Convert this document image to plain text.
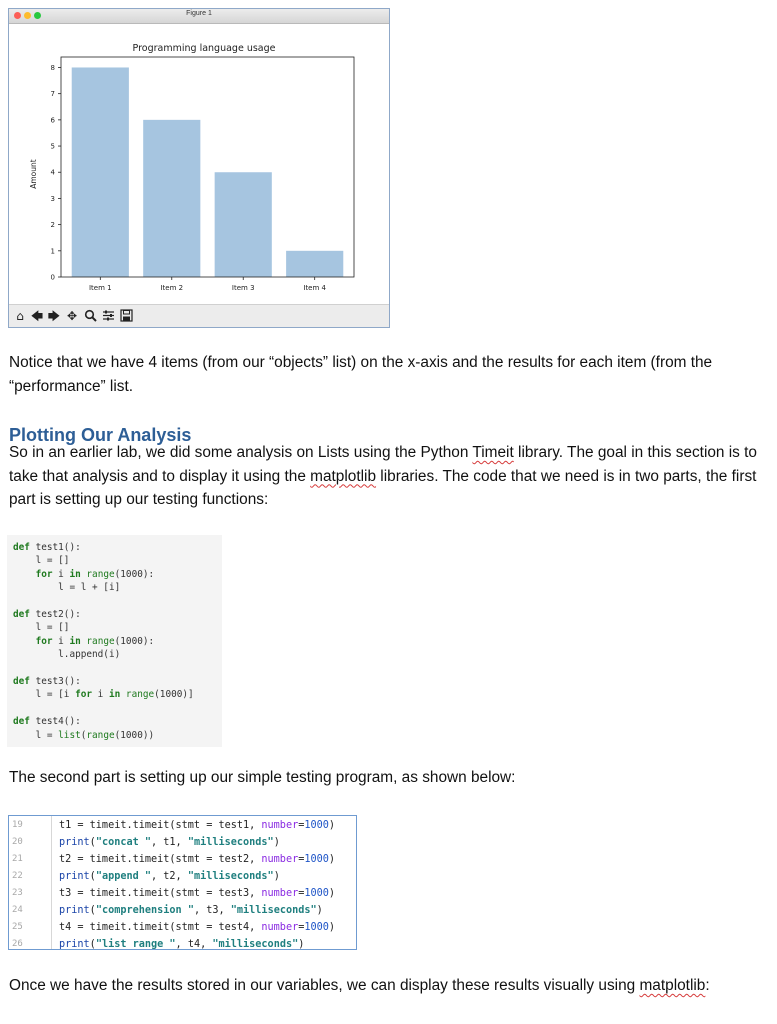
Figure 1
Programming language usage
Amount
0
1
2
3
4
5
6
7
8
Item 1	Item 2	Item 3	Item 4
⌂ 🡄 🡆 ✥
Notice that we have 4 items (from our “objects” list) on the x-axis and the results for each item (from the “performance” list.
Plotting Our Analysis
So in an earlier lab, we did some analysis on Lists using the Python Timeit library. The goal in this section is to take that analysis and to display it using the matplotlib libraries. The code that we need is in two parts, the first part is setting up our testing functions:
def test1():
l = []
for i in range(1000):
l = l + [i]
def test2():
l = []
for i in range(1000):
l.append(i)
def test3():
l = [i for i in range(1000)]
def test4():
l = list(range(1000))
The second part is setting up our simple testing program, as shown below:
19	t1 = timeit.timeit(stmt = test1, number=1000)
20	print("concat ", t1, "milliseconds")
21	t2 = timeit.timeit(stmt = test2, number=1000)
22	print("append ", t2, "milliseconds")
23	t3 = timeit.timeit(stmt = test3, number=1000)
24	print("comprehension ", t3, "milliseconds")
25	t4 = timeit.timeit(stmt = test4, number=1000)
26	print("list range ", t4, "milliseconds")
Once we have the results stored in our variables, we can display these results visually using matplotlib:
